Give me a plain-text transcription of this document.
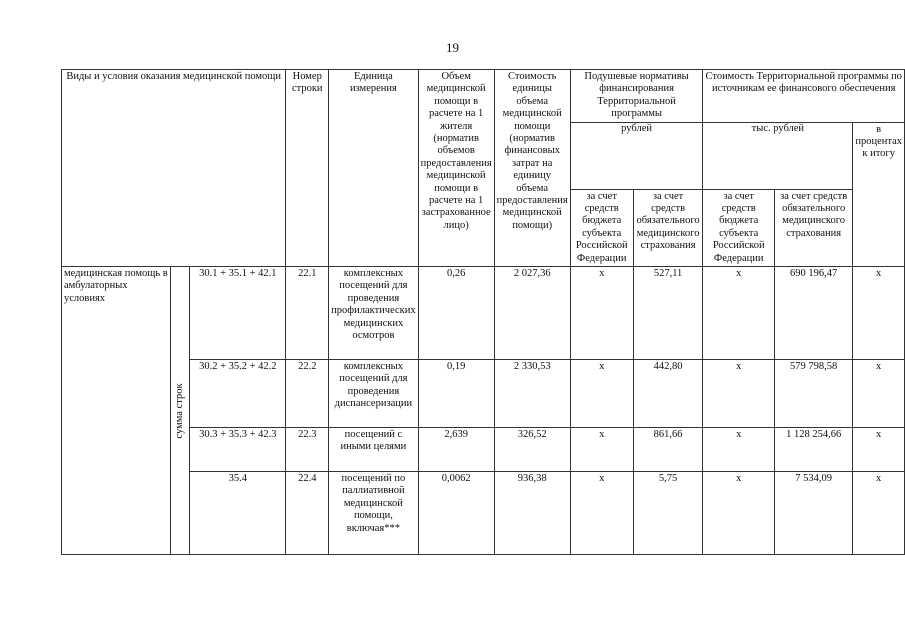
19
Виды и условия оказания медицинской помощи			Номер строки	Единица измерения	Объем медицинской помощи в расчете на 1 жителя (норматив объемов предоставления медицинской помощи в расчете на 1 застрахованное лицо)	Стоимость единицы объема медицинской помощи (норматив финансовых затрат на единицу объема предоставления медицинской помощи)	Подушевые нормативы финансирования Территориальной программы		Стоимость Территориальной программы по источникам ее финансового обеспечения		
							рублей		тыс. рублей		в процентах к итогу
							за счет средств бюджета субъекта Российской Федерации	за счет средств обязательного медицинского страхования	за счет средств бюджета субъекта Российской Федерации	за счет средств обязательного медицинского страхования	
медицинская помощь в амбулаторных условиях	сумма строк	30.1 + 35.1 + 42.1	22.1	комплексных посещений для проведения профилактических медицинских осмотров	0,26	2 027,36	х	527,11	х	690 196,47	х
		30.2 + 35.2 + 42.2	22.2	комплексных посещений для проведения диспансеризации	0,19	2 330,53	х	442,80	х	579 798,58	х
		30.3 + 35.3 + 42.3	22.3	посещений с иными целями	2,639	326,52	х	861,66	х	1 128 254,66	х
		35.4	22.4	посещений по паллиативной медицинской помощи, включая***	0,0062	936,38	х	5,75	х	7 534,09	х
